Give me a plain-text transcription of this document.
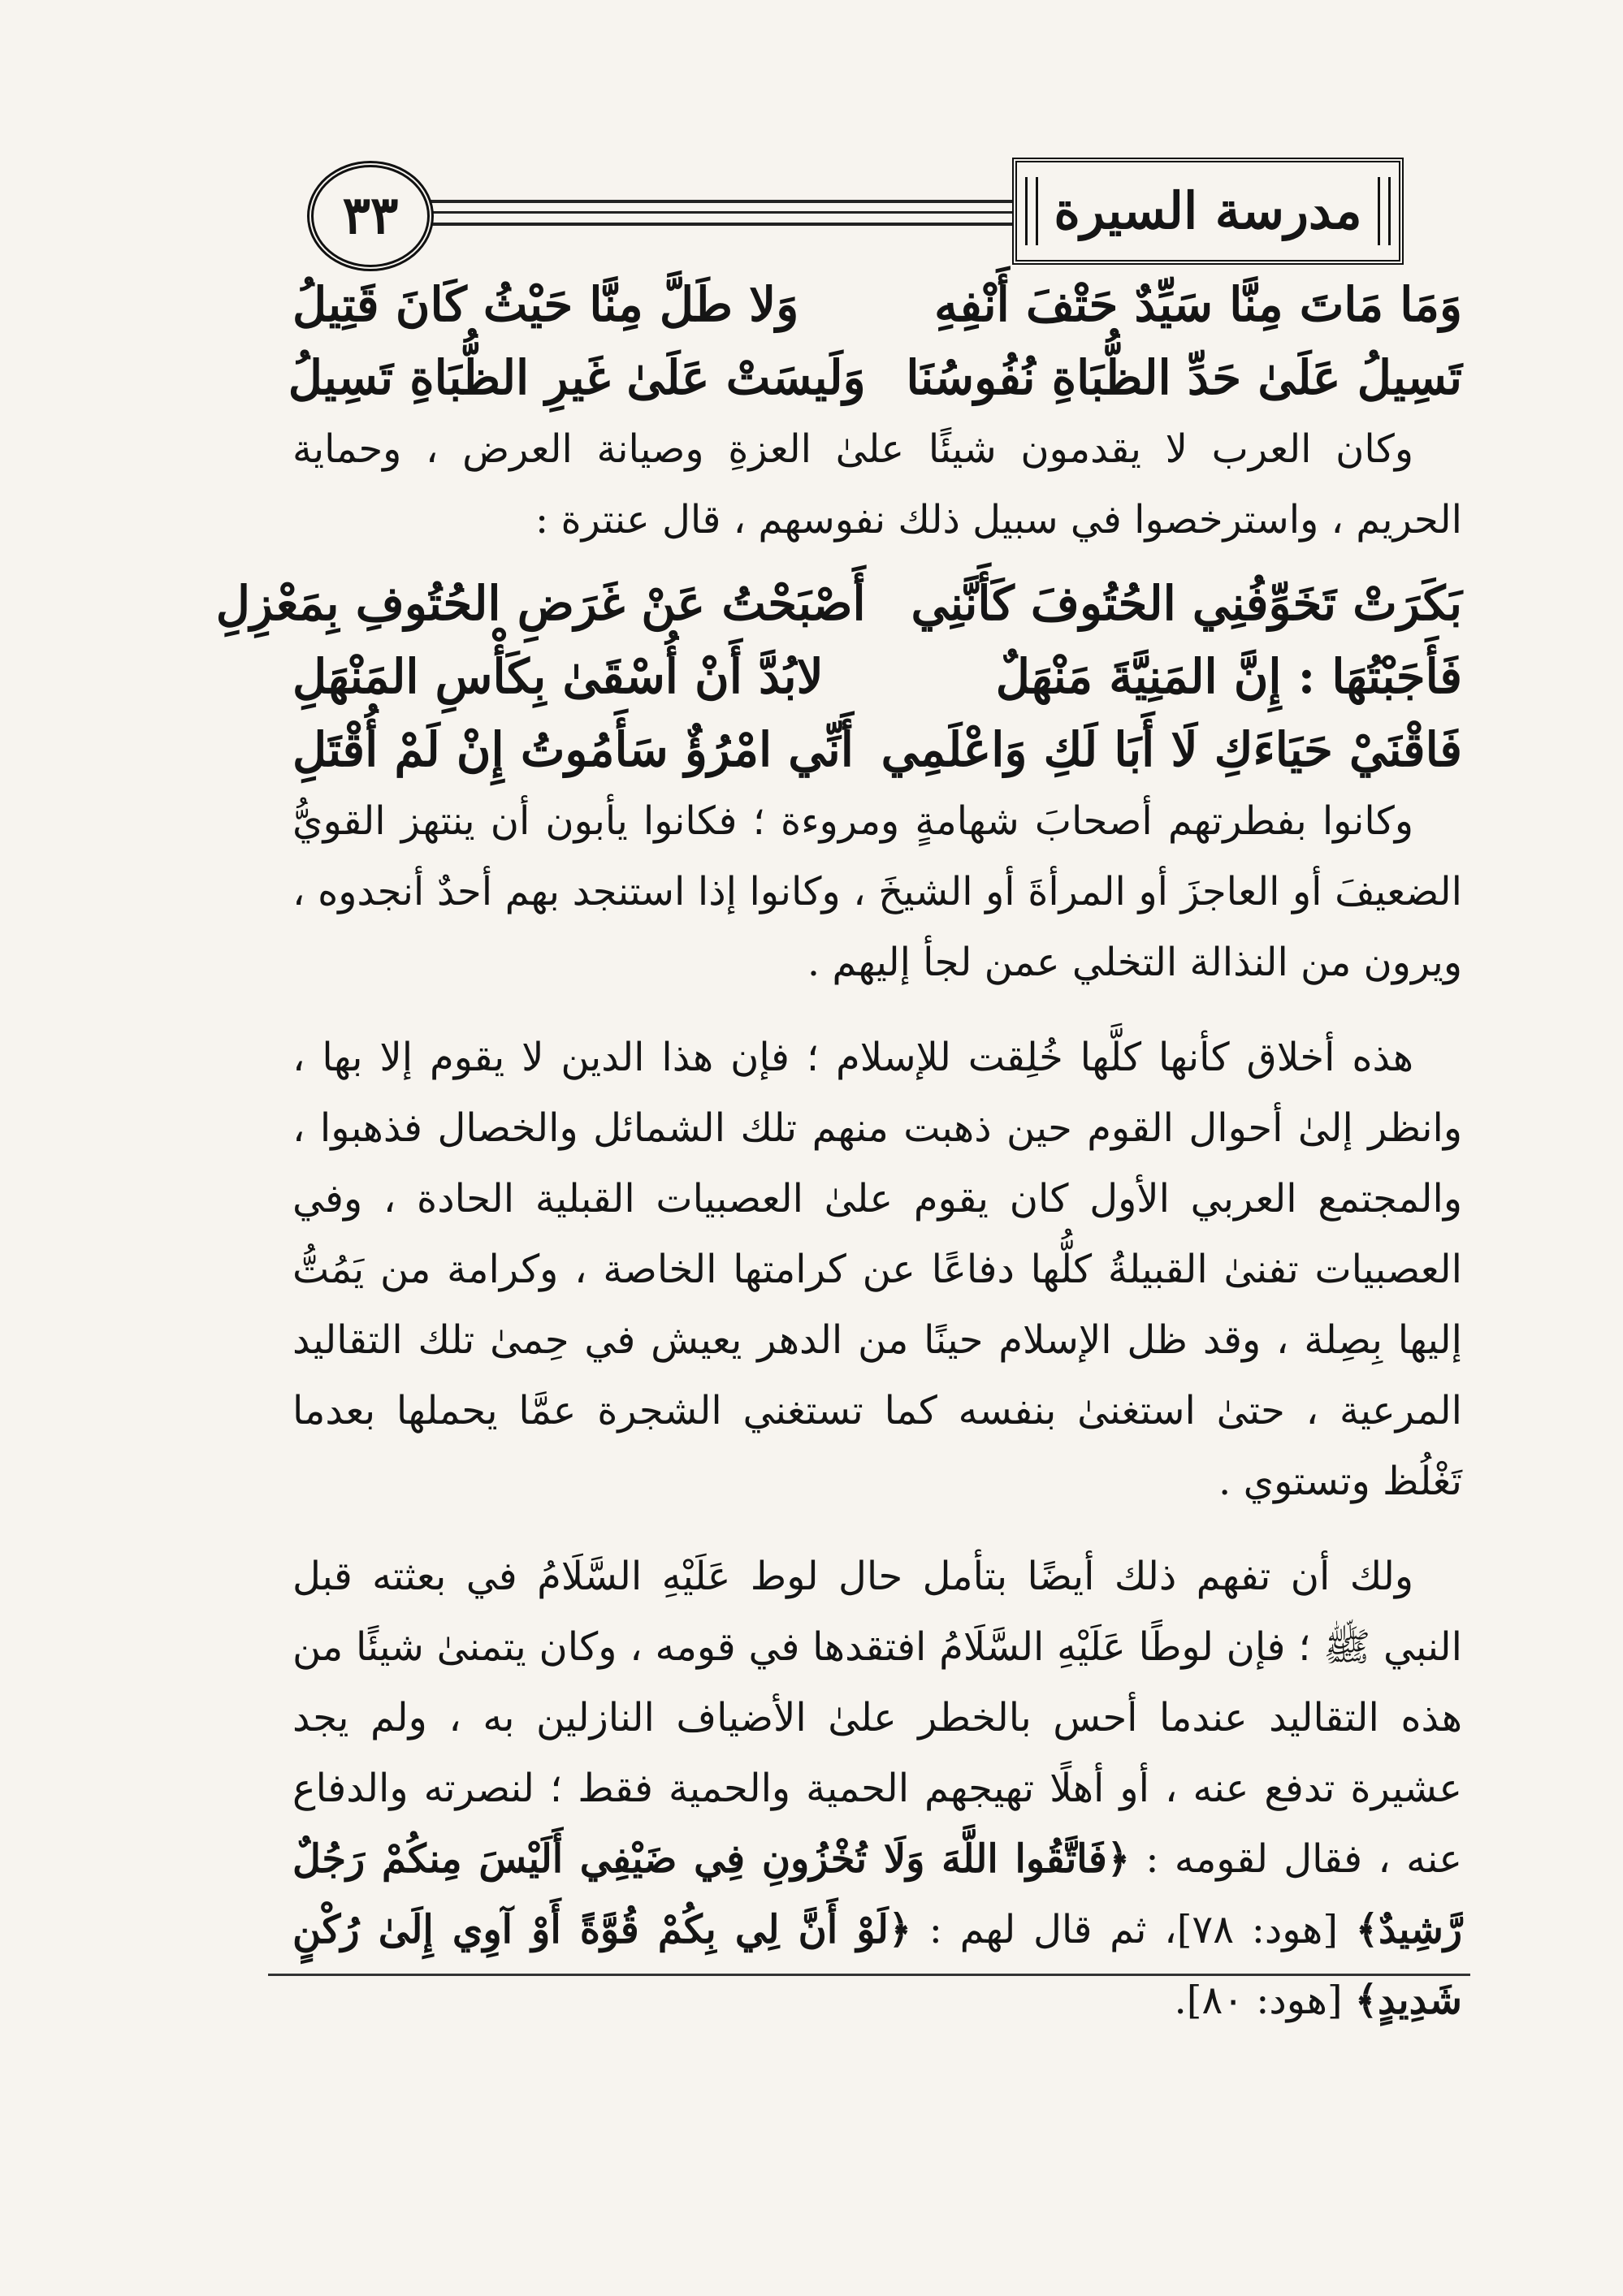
٣٣	مدرسة السيرة
وَمَا مَاتَ مِنَّا سَيِّدٌ حَتْفَ أَنْفِهِ
وَلا طَلَّ مِنَّا حَيْثُ كَانَ قَتِيلُ
تَسِيلُ عَلَىٰ حَدِّ الظُّبَاةِ نُفُوسُنَا
وَلَيسَتْ عَلَىٰ غَيرِ الظُّبَاةِ تَسِيلُ

وكان العرب لا يقدمون شيئًا علىٰ العزةِ وصيانة العرض ، وحماية الحريم ، واسترخصوا في سبيل ذلك نفوسهم ، قال عنترة :

بَكَرَتْ تَخَوِّفُنِي الحُتُوفَ كَأَنَّنِي
أَصْبَحْتُ عَنْ غَرَضِ الحُتُوفِ بِمَعْزِلِ
فَأَجَبْتُهَا : إِنَّ المَنِيَّةَ مَنْهَلٌ
لابُدَّ أَنْ أُسْقَىٰ بِكَأْسِ المَنْهَلِ
فَاقْنَيْ حَيَاءَكِ لَا أَبَا لَكِ وَاعْلَمِي
أَنِّي امْرُؤٌ سَأَمُوتُ إِنْ لَمْ أُقْتَلِ

وكانوا بفطرتهم أصحابَ شهامةٍ ومروءة ؛ فكانوا يأبون أن ينتهز القويُّ الضعيفَ أو العاجزَ أو المرأةَ أو الشيخَ ، وكانوا إذا استنجد بهم أحدٌ أنجدوه ، ويرون من النذالة التخلي عمن لجأ إليهم .

هذه أخلاق كأنها كلَّها خُلِقت للإسلام ؛ فإن هذا الدين لا يقوم إلا بها ، وانظر إلىٰ أحوال القوم حين ذهبت منهم تلك الشمائل والخصال فذهبوا ، والمجتمع العربي الأول كان يقوم علىٰ العصبيات القبلية الحادة ، وفي العصبيات تفنىٰ القبيلةُ كلُّها دفاعًا عن كرامتها الخاصة ، وكرامة من يَمُتُّ إليها بِصِلة ، وقد ظل الإسلام حينًا من الدهر يعيش في حِمىٰ تلك التقاليد المرعية ، حتىٰ استغنىٰ بنفسه كما تستغني الشجرة عمَّا يحملها بعدما تَغْلُظ وتستوي .

ولك أن تفهم ذلك أيضًا بتأمل حال لوط عَلَيْهِ السَّلَامُ في بعثته قبل النبي ﷺ ؛ فإن لوطًا عَلَيْهِ السَّلَامُ افتقدها في قومه ، وكان يتمنىٰ شيئًا من هذه التقاليد عندما أحس بالخطر علىٰ الأضياف النازلين به ، ولم يجد عشيرة تدفع عنه ، أو أهلًا تهيجهم الحمية والحمية فقط ؛ لنصرته والدفاع عنه ، فقال لقومه : ﴿فَاتَّقُوا اللَّهَ وَلَا تُخْزُونِ فِي ضَيْفِي أَلَيْسَ مِنكُمْ رَجُلٌ رَّشِيدٌ﴾ [هود: ٧٨]، ثم قال لهم : ﴿لَوْ أَنَّ لِي بِكُمْ قُوَّةً أَوْ آوِي إِلَىٰ رُكْنٍ شَدِيدٍ﴾ [هود: ٨٠].
